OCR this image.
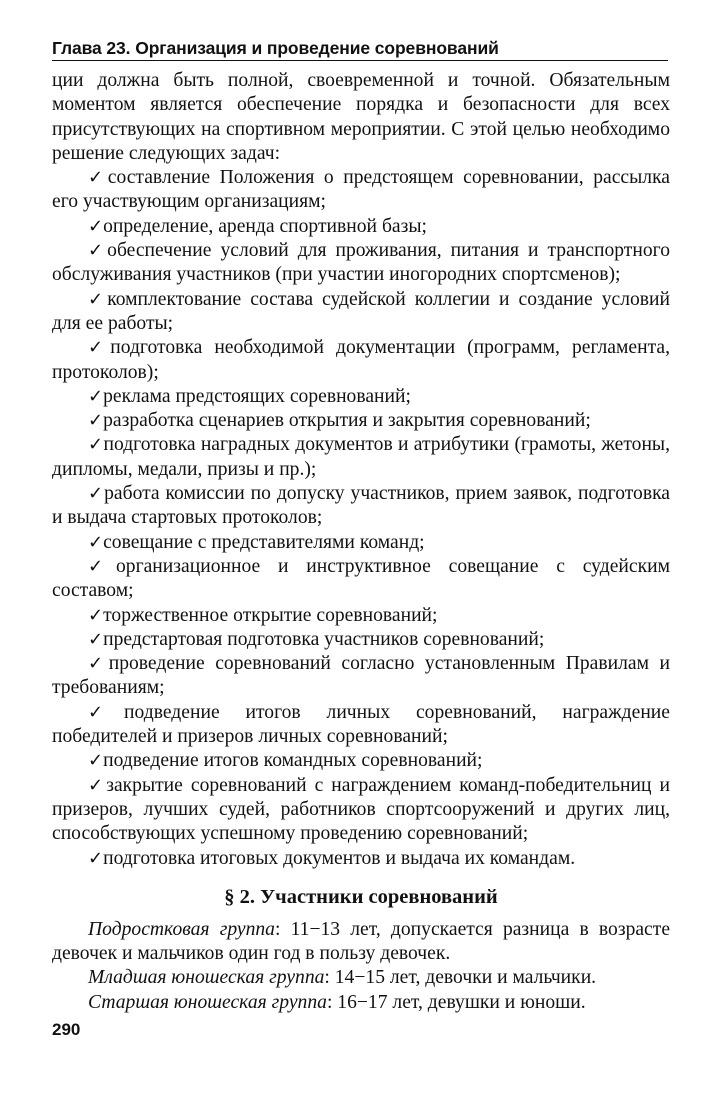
Глава 23. Организация и проведение соревнований

ции должна быть полной, своевременной и точной. Обязательным моментом является обеспечение порядка и безопасности для всех присутствующих на спортивном мероприятии. С этой целью необходимо решение следующих задач:

✓составление Положения о предстоящем соревновании, рассылка его участвующим организациям;

✓определение, аренда спортивной базы;

✓обеспечение условий для проживания, питания и транспортного обслуживания участников (при участии иногородних спортсменов);

✓комплектование состава судейской коллегии и создание условий для ее работы;

✓подготовка необходимой документации (программ, регламента, протоколов);

✓реклама предстоящих соревнований;

✓разработка сценариев открытия и закрытия соревнований;

✓подготовка наградных документов и атрибутики (грамоты, жетоны, дипломы, медали, призы и пр.);

✓работа комиссии по допуску участников, прием заявок, подготовка и выдача стартовых протоколов;

✓совещание с представителями команд;

✓организационное и инструктивное совещание с судейским составом;

✓торжественное открытие соревнований;

✓предстартовая подготовка участников соревнований;

✓проведение соревнований согласно установленным Правилам и требованиям;

✓подведение итогов личных соревнований, награждение победителей и призеров личных соревнований;

✓подведение итогов командных соревнований;

✓закрытие соревнований с награждением команд-победительниц и призеров, лучших судей, работников спортсооружений и других лиц, способствующих успешному проведению соревнований;

✓подготовка итоговых документов и выдача их командам.

§ 2. Участники соревнований

Подростковая группа: 11−13 лет, допускается разница в возрасте девочек и мальчиков один год в пользу девочек.

Младшая юношеская группа: 14−15 лет, девочки и мальчики.

Старшая юношеская группа: 16−17 лет, девушки и юноши.

290
